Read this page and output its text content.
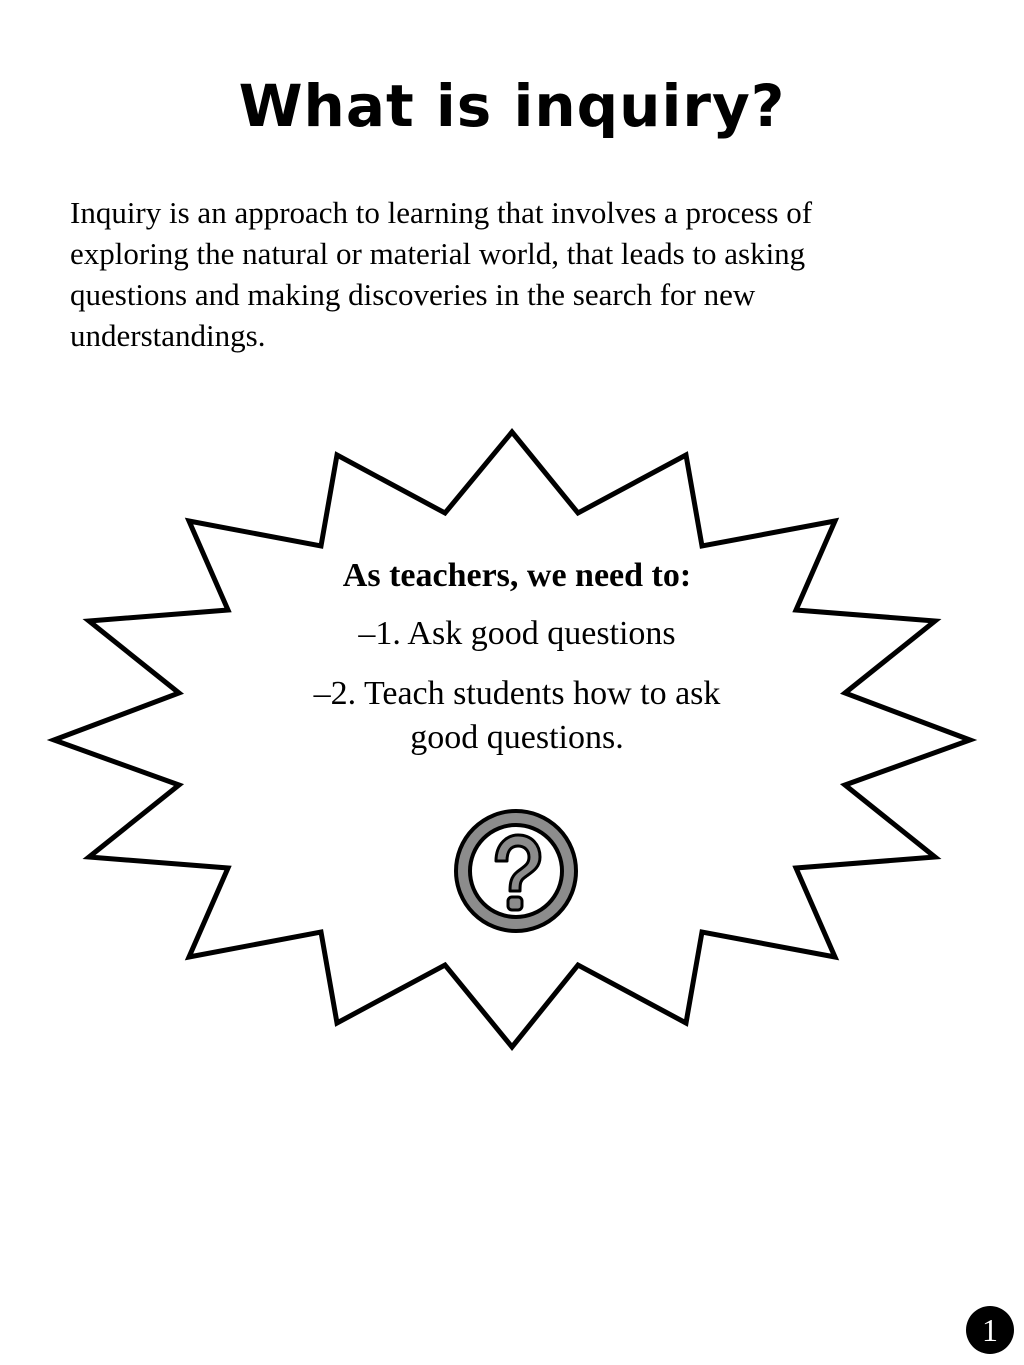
What is inquiry?

Inquiry is an approach to learning that involves a process of exploring the natural or material world, that leads to asking questions and making discoveries in the search for new understandings.

As teachers, we need to:

–1. Ask good questions

–2. Teach students how to ask good questions.

1
